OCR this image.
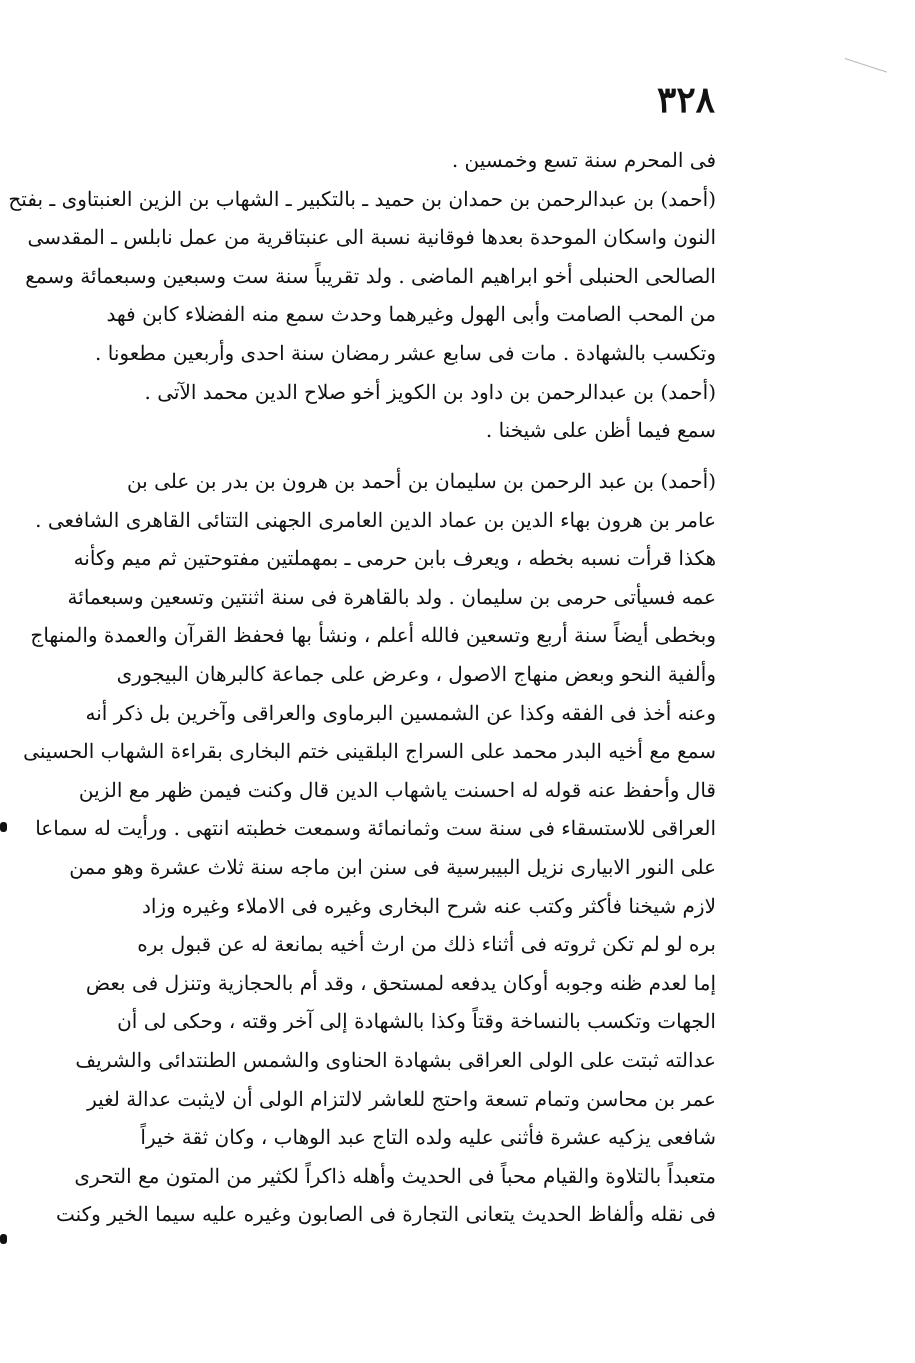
٣٢٨
فى المحرم سنة تسع وخمسين .
(أحمد) بن عبدالرحمن بن حمدان بن حميد ـ بالتكبير ـ الشهاب بن الزين العنبتاوى ـ بفتح
النون واسكان الموحدة بعدها فوقانية نسبة الى عنبتاقرية من عمل نابلس ـ المقدسى
الصالحى الحنبلى أخو ابراهيم الماضى . ولد تقريباً سنة ست وسبعين وسبعمائة وسمع
من المحب الصامت وأبى الهول وغيرهما وحدث سمع منه الفضلاء كابن فهد
وتكسب بالشهادة . مات فى سابع عشر رمضان سنة احدى وأربعين مطعونا .
(أحمد) بن عبدالرحمن بن داود بن الكويز أخو صلاح الدين محمد الآتى .
سمع فيما أظن على شيخنا .
(أحمد) بن عبد الرحمن بن سليمان بن أحمد بن هرون بن بدر بن على بن
عامر بن هرون بهاء الدين بن عماد الدين العامرى الجهنى التتائى القاهرى الشافعى .
هكذا قرأت نسبه بخطه ، ويعرف بابن حرمى ـ بمهملتين مفتوحتين ثم ميم وكأنه
عمه فسيأتى حرمى بن سليمان . ولد بالقاهرة فى سنة اثنتين وتسعين وسبعمائة
وبخطى أيضاً سنة أربع وتسعين فالله أعلم ، ونشأ بها فحفظ القرآن والعمدة والمنهاج
وألفية النحو وبعض منهاج الاصول ، وعرض على جماعة كالبرهان البيجورى
وعنه أخذ فى الفقه وكذا عن الشمسين البرماوى والعراقى وآخرين بل ذكر أنه
سمع مع أخيه البدر محمد على السراج البلقينى ختم البخارى بقراءة الشهاب الحسينى
قال وأحفظ عنه قوله له احسنت ياشهاب الدين قال وكنت فيمن ظهر مع الزين
العراقى للاستسقاء فى سنة ست وثمانمائة وسمعت خطبته انتهى . ورأيت له سماعا
على النور الابيارى نزيل البيبرسية فى سنن ابن ماجه سنة ثلاث عشرة وهو ممن
لازم شيخنا فأكثر وكتب عنه شرح البخارى وغيره فى الاملاء وغيره وزاد
بره لو لم تكن ثروته فى أثناء ذلك من ارث أخيه بمانعة له عن قبول بره
إما لعدم ظنه وجوبه أوكان يدفعه لمستحق ، وقد أم بالحجازية وتنزل فى بعض
الجهات وتكسب بالنساخة وقتاً وكذا بالشهادة إلى آخر وقته ، وحكى لى أن
عدالته ثبتت على الولى العراقى بشهادة الحناوى والشمس الطنتدائى والشريف
عمر بن محاسن وتمام تسعة واحتج للعاشر لالتزام الولى أن لايثبت عدالة لغير
شافعى يزكيه عشرة فأثنى عليه ولده التاج عبد الوهاب ، وكان ثقة خيراً
متعبداً بالتلاوة والقيام محباً فى الحديث وأهله ذاكراً لكثير من المتون مع التحرى
فى نقله وألفاظ الحديث يتعانى التجارة فى الصابون وغيره عليه سيما الخير وكنت
